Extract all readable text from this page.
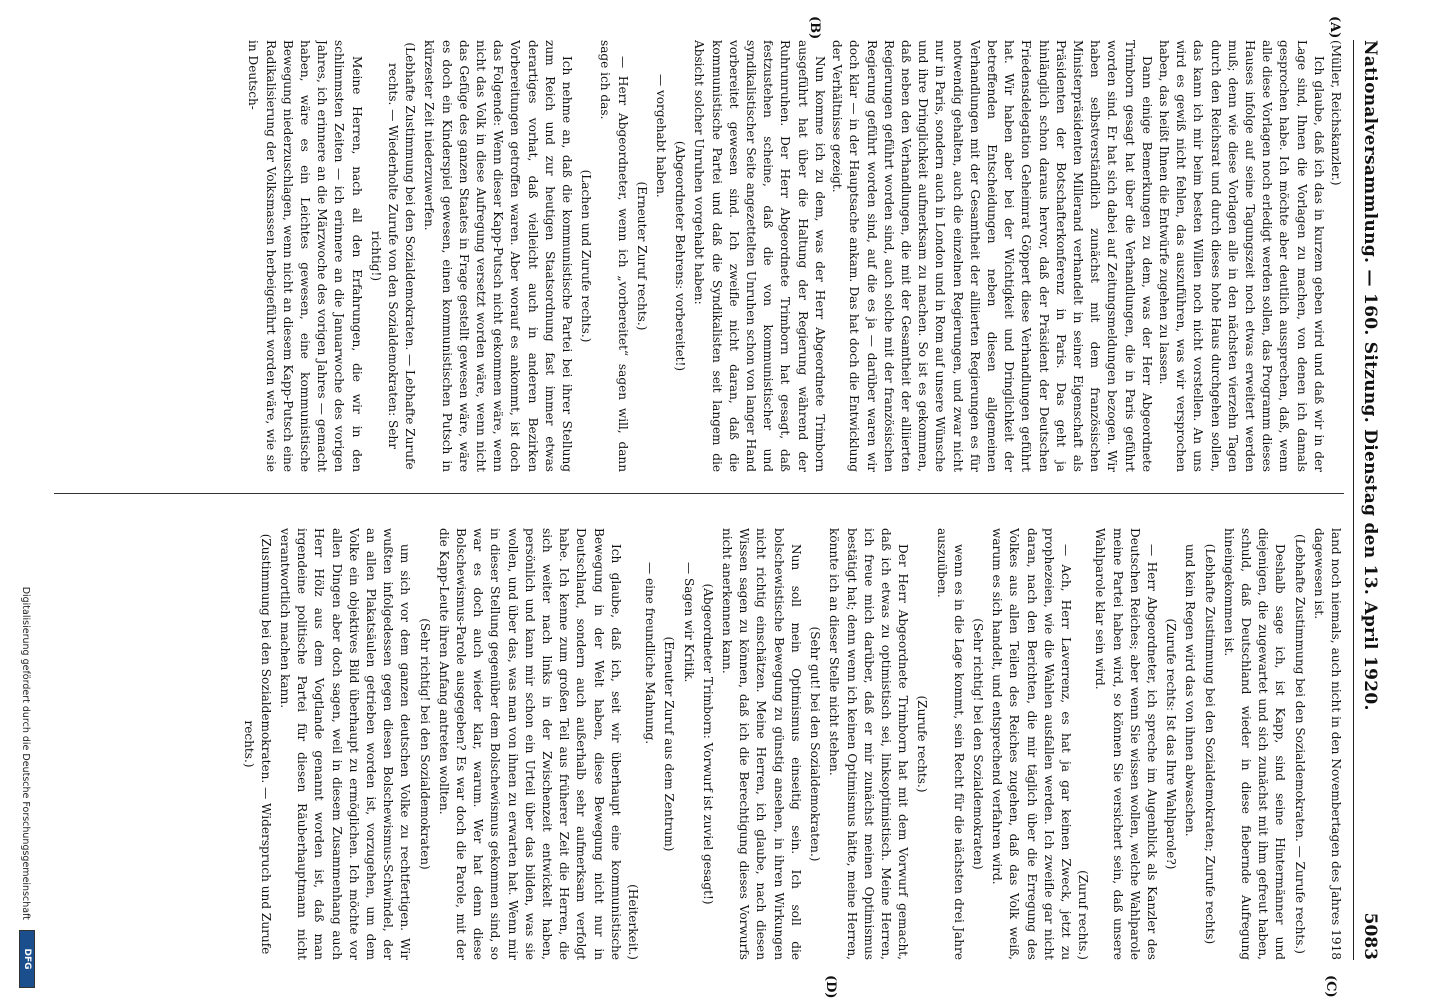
Nationalversammlung. — 160. Sitzung. Dienstag den 13. April 1920.
5083
(A)
(B)
(C)
(D)

(Müller, Reichskanzler.)

Ich glaube, daß ich das in kurzem geben wird und daß wir in der Lage sind, Ihnen die Vorlagen zu machen, von denen ich damals gesprochen habe. Ich möchte aber deutlich aussprechen, daß, wenn alle diese Vorlagen noch erledigt werden sollen, das Programm dieses Hauses infolge auf seine Tagungszeit noch etwas erweitert werden muß; denn wie diese Vorlagen alle in den nächsten vierzehn Tagen durch den Reichsrat und durch dieses hohe Haus durchgehen sollen, das kann ich mir beim besten Willen noch nicht vorstellen. An uns wird es gewiß nicht fehlen, das auszuführen, was wir versprochen haben, das heißt Ihnen die Entwürfe zugehen zu lassen.

Dann einige Bemerkungen zu dem, was der Herr Abgeordnete Trimborn gesagt hat über die Verhandlungen, die in Paris geführt worden sind. Er hat sich dabei auf Zeitungsmeldungen bezogen. Wir haben selbstverständlich zunächst mit dem französischen Ministerpräsidenten Millerand verhandelt in seiner Eigenschaft als Präsidenten der Botschafterkonferenz in Paris. Das geht ja hinlänglich schon daraus hervor, daß der Präsident der Deutschen Friedensdelegation Geheimrat Göppert diese Verhandlungen geführt hat. Wir haben aber bei der Wichtigkeit und Dringlichkeit der betreffenden Entscheidungen neben diesen allgemeinen Verhandlungen mit der Gesamtheit der alliierten Regierungen es für notwendig gehalten, auch die einzelnen Regierungen, und zwar nicht nur in Paris, sondern auch in London und in Rom auf unsere Wünsche und ihre Dringlichkeit aufmerksam zu machen. So ist es gekommen, daß neben den Verhandlungen, die mit der Gesamtheit der alliierten Regierungen geführt worden sind, auch solche mit der französischen Regierung geführt worden sind, auf die es ja — darüber waren wir doch klar — in der Hauptsache ankam. Das hat doch die Entwicklung der Verhältnisse gezeigt.

Nun komme ich zu dem, was der Herr Abgeordnete Trimborn ausgeführt hat über die Haltung der Regierung während der Ruhrunruhen. Der Herr Abgeordnete Trimborn hat gesagt, daß festzustehen scheine, daß die von kommunistischer und syndikalistischer Seite angezettelten Unruhen schon von langer Hand vorbereitet gewesen sind. Ich zweifle nicht daran, daß die kommunistische Partei und daß die Syndikalisten seit langem die Absicht solcher Unruhen vorgehabt haben:

(Abgeordneter Behrens: vorbereitet!)

— vorgehabt haben.

(Erneuter Zuruf rechts.)

— Herr Abgeordneter, wenn ich „vorbereitet“ sagen will, dann sage ich das.

(Lachen und Zurufe rechts.)

Ich nehme an, daß die kommunistische Partei bei ihrer Stellung zum Reich und zur heutigen Staatsordnung fast immer etwas derartiges vorhat, daß vielleicht auch in anderen Bezirken Vorbereitungen getroffen waren. Aber worauf es ankommt, ist doch das Folgende: Wenn dieser Kapp-Putsch nicht gekommen wäre, wenn nicht das Volk in diese Aufregung versetzt worden wäre, wenn nicht das Gefüge des ganzen Staates in Frage gestellt gewesen wäre, wäre es doch ein Kinderspiel gewesen, einen kommunistischen Putsch in kürzester Zeit niederzuwerfen.

(Lebhafte Zustimmung bei den Sozialdemokraten. — Lebhafte Zurufe rechts. — Wiederholte Zurufe von den Sozialdemokraten: Sehr richtig!)

Meine Herren, nach all den Erfahrungen, die wir in den schlimmsten Zeiten — ich erinnere an die Januarwoche des vorigen Jahres, ich erinnere an die Märzwoche des vorigen Jahres — gemacht haben, wäre es ein Leichtes gewesen, eine kommunistische Bewegung niederzuschlagen, wenn nicht an diesem Kapp-Putsch eine Radikalisierung der Volksmassen herbeigeführt worden wäre, wie sie in Deutsch-

land noch niemals, auch nicht in den Novembertagen des Jahres 1918 dagewesen ist.

(Lebhafte Zustimmung bei den Sozialdemokraten. — Zurufe rechts.)

Deshalb sage ich, ist Kapp, sind seine Hintermänner und diejenigen, die zugewartet und sich zunächst mit ihm gefreut haben, schuld, daß Deutschland wieder in diese fiebernde Aufregung hineingekommen ist.

(Lebhafte Zustimmung bei den Sozialdemokraten; Zurufe rechts)

und kein Regen wird das von ihnen abwaschen.

(Zurufe rechts: Ist das Ihre Wahlparole?)

— Herr Abgeordneter, ich spreche im Augenblick als Kanzler des Deutschen Reiches; aber wenn Sie wissen wollen, welche Wahlparole meine Partei haben wird, so können Sie versichert sein, daß unsere Wahlparole klar sein wird.

(Zuruf rechts.)

— Ach, Herr Laverrenz, es hat ja gar keinen Zweck, jetzt zu prophezeien, wie die Wahlen ausfallen werden. Ich zweifle gar nicht daran, nach den Berichten, die mir täglich über die Erregung des Volkes aus allen Teilen des Reiches zugehen, daß das Volk weiß, warum es sich handelt, und entsprechend verfahren wird.

(Sehr richtig! bei den Sozialdemokraten)

wenn es in die Lage kommt, sein Recht für die nächsten drei Jahre auszuüben.

(Zurufe rechts.)

Der Herr Abgeordnete Trimborn hat mit dem Vorwurf gemacht, daß ich etwas zu optimistisch sei, linksoptimistisch. Meine Herren, ich freue mich darüber, daß er mir zunächst meinen Optimismus bestätigt hat; denn wenn ich keinen Optimismus hätte, meine Herren, könnte ich an dieser Stelle nicht stehen.

(Sehr gut! bei den Sozialdemokraten.)

Nun soll mein Optimismus einseitig sein. Ich soll die bolschewistische Bewegung zu günstig ansehen, in ihren Wirkungen nicht richtig einschätzen. Meine Herren, ich glaube, nach diesen Wissen sagen zu können, daß ich die Berechtigung dieses Vorwurfs nicht anerkennen kann.

(Abgeordneter Trimborn: Vorwurf ist zuviel gesagt!)

— Sagen wir Kritik.

(Erneuter Zuruf aus dem Zentrum)

— eine freundliche Mahnung.

(Heiterkeit.)

Ich glaube, daß ich, seit wir überhaupt eine kommunistische Bewegung in der Welt haben, diese Bewegung nicht nur in Deutschland, sondern auch außerhalb sehr aufmerksam verfolgt habe. Ich kenne zum großen Teil aus früherer Zeit die Herren, die sich weiter nach links in der Zwischenzeit entwickelt haben, persönlich und kann mir schon ein Urteil über das bilden, was sie wollen, und über das, was man von ihnen zu erwarten hat. Wenn mir in dieser Stellung gegenüber dem Bolschewismus gekommen sind, so war es doch auch wieder klar, warum. Wer hat denn diese Bolschewismus-Parole ausgegeben? Es war doch die Parole, mit der die Kapp-Leute ihren Anfang antreten wollten.

(Sehr richtig! bei den Sozialdemokraten)

um sich vor dem ganzen deutschen Volke zu rechtfertigen. Wir wußten infolgedessen gegen diesen Bolschewismus-Schwindel, der an allen Plakatsäulen getrieben worden ist, vorzugehen, um dem Volke ein objektives Bild überhaupt zu ermöglichen. Ich möchte vor allen Dingen aber doch sagen, weil in diesem Zusammenhang auch Herr Hölz aus dem Vogtlande genannt worden ist, daß man irgendeine politische Partei für diesen Räuberhauptmann nicht verantwortlich machen kann.

(Zustimmung bei den Sozialdemokraten. — Widerspruch und Zurufe rechts.)

Digitalisierung gefördert durch die Deutsche Forschungsgemeinschaft
DFG
